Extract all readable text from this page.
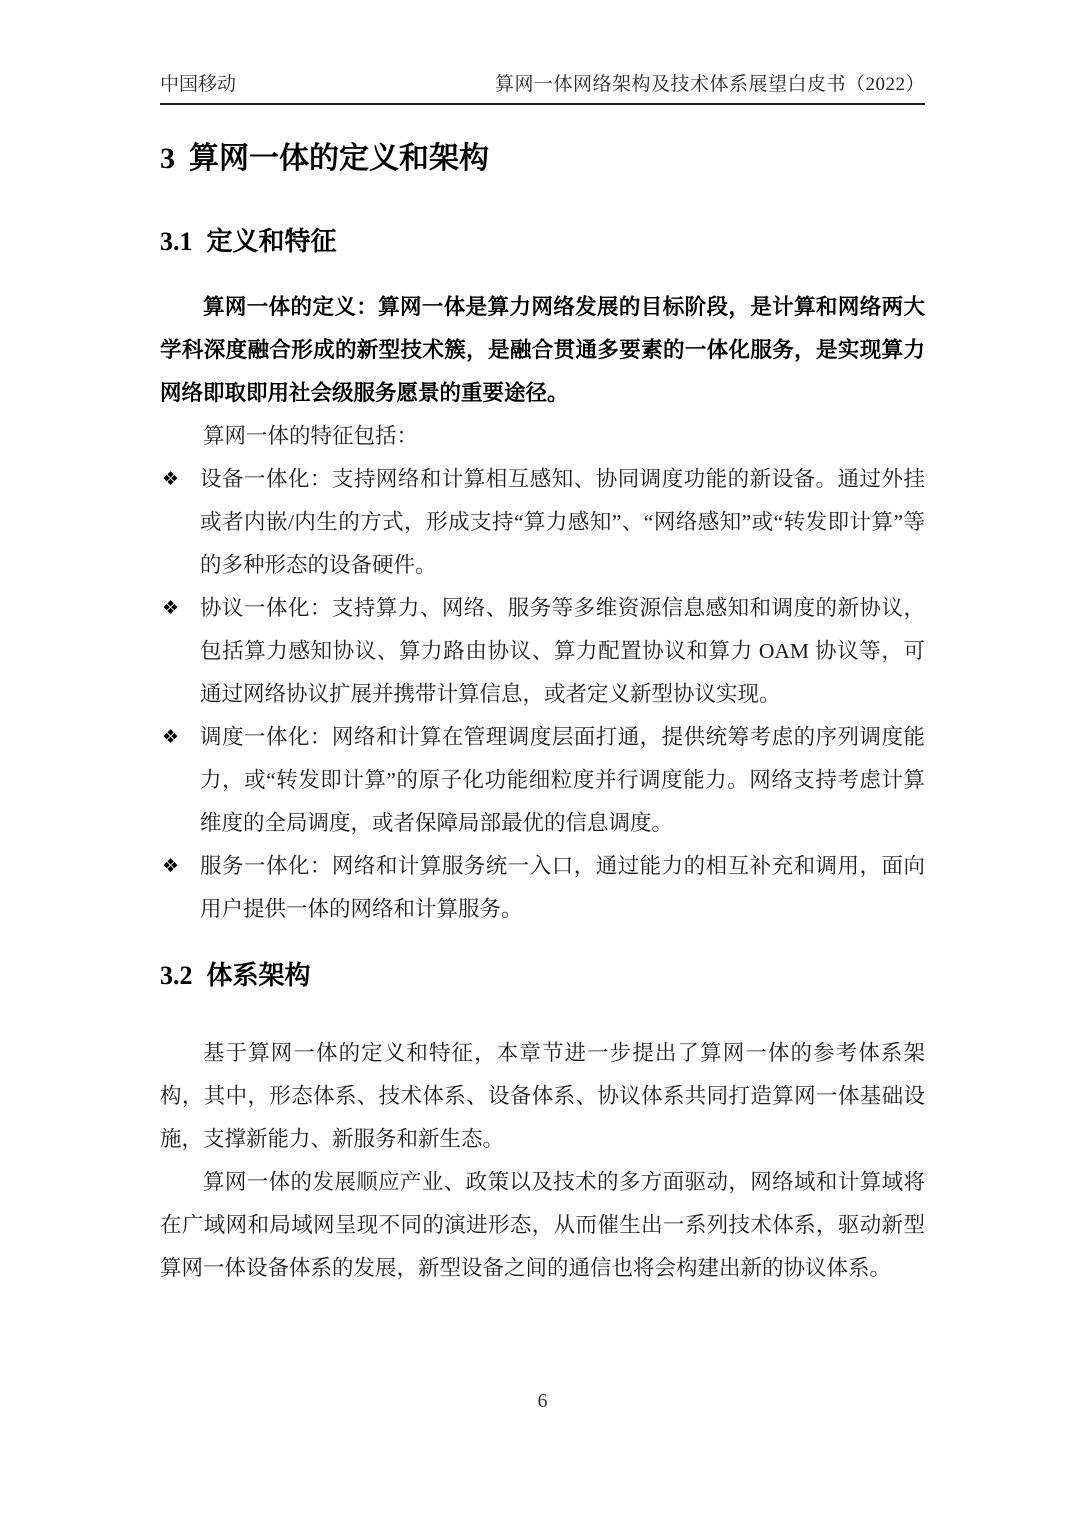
中国移动	算网一体网络架构及技术体系展望白皮书（2022）
3 算网一体的定义和架构
3.1 定义和特征

算网一体的定义：算网一体是算力网络发展的目标阶段，是计算和网络两大学科深度融合形成的新型技术簇，是融合贯通多要素的一体化服务，是实现算力网络即取即用社会级服务愿景的重要途径。

算网一体的特征包括：

❖ 设备一体化：支持网络和计算相互感知、协同调度功能的新设备。通过外挂或者内嵌/内生的方式，形成支持“算力感知”、“网络感知”或“转发即计算”等的多种形态的设备硬件。
❖ 协议一体化：支持算力、网络、服务等多维资源信息感知和调度的新协议，包括算力感知协议、算力路由协议、算力配置协议和算力 OAM 协议等，可通过网络协议扩展并携带计算信息，或者定义新型协议实现。
❖ 调度一体化：网络和计算在管理调度层面打通，提供统筹考虑的序列调度能力，或“转发即计算”的原子化功能细粒度并行调度能力。网络支持考虑计算维度的全局调度，或者保障局部最优的信息调度。
❖ 服务一体化：网络和计算服务统一入口，通过能力的相互补充和调用，面向用户提供一体的网络和计算服务。
3.2 体系架构

基于算网一体的定义和特征，本章节进一步提出了算网一体的参考体系架构，其中，形态体系、技术体系、设备体系、协议体系共同打造算网一体基础设施，支撑新能力、新服务和新生态。

算网一体的发展顺应产业、政策以及技术的多方面驱动，网络域和计算域将在广域网和局域网呈现不同的演进形态，从而催生出一系列技术体系，驱动新型算网一体设备体系的发展，新型设备之间的通信也将会构建出新的协议体系。

6
